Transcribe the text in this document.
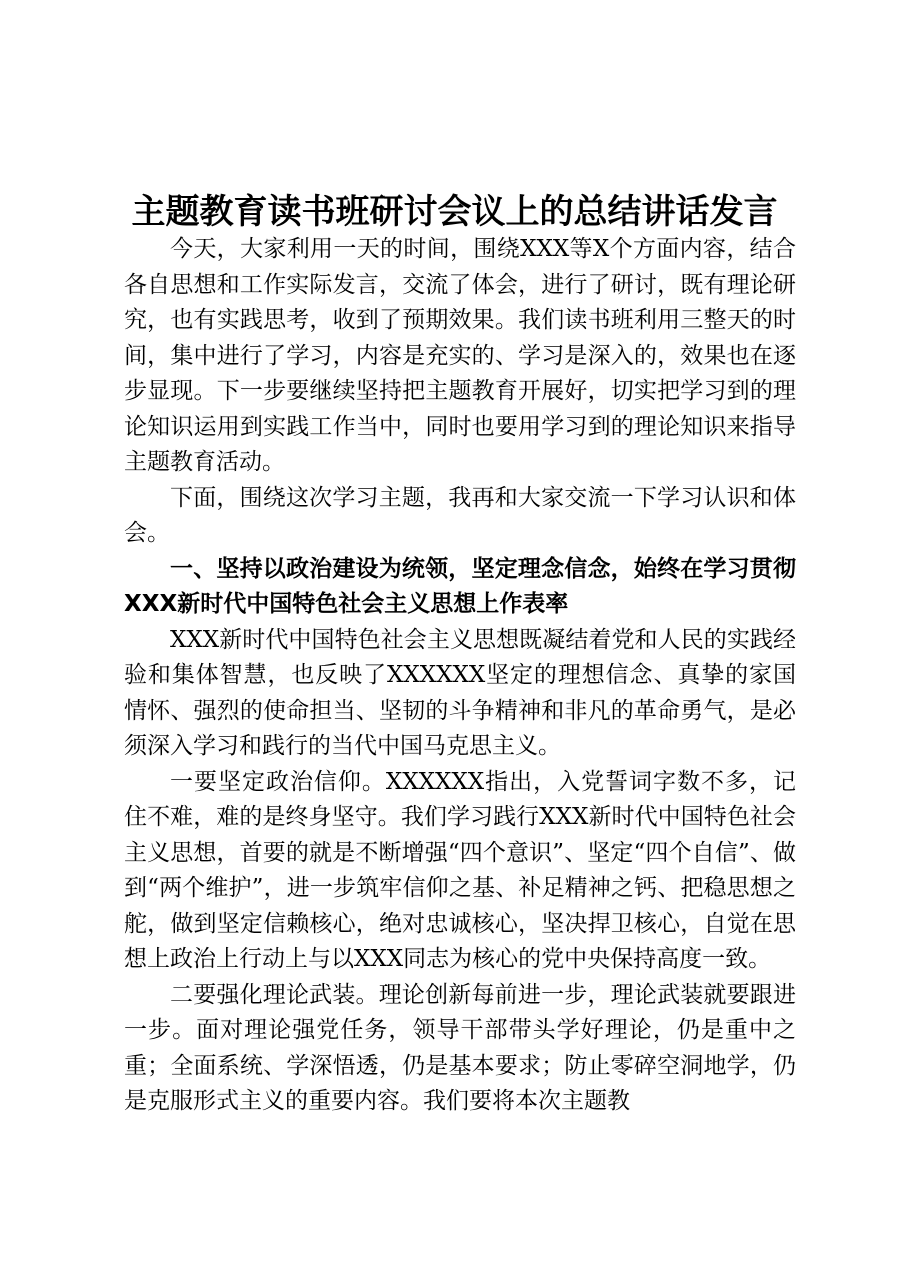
主题教育读书班研讨会议上的总结讲话发言

今天，大家利用一天的时间，围绕XXX等X个方面内容，结合各自思想和工作实际发言，交流了体会，进行了研讨，既有理论研究，也有实践思考，收到了预期效果。我们读书班利用三整天的时间，集中进行了学习，内容是充实的、学习是深入的，效果也在逐步显现。下一步要继续坚持把主题教育开展好，切实把学习到的理论知识运用到实践工作当中，同时也要用学习到的理论知识来指导主题教育活动。

下面，围绕这次学习主题，我再和大家交流一下学习认识和体会。

一、坚持以政治建设为统领，坚定理念信念，始终在学习贯彻XXX新时代中国特色社会主义思想上作表率

XXX新时代中国特色社会主义思想既凝结着党和人民的实践经验和集体智慧，也反映了XXXXXX坚定的理想信念、真挚的家国情怀、强烈的使命担当、坚韧的斗争精神和非凡的革命勇气，是必须深入学习和践行的当代中国马克思主义。

一要坚定政治信仰。XXXXXX指出，入党誓词字数不多，记住不难，难的是终身坚守。我们学习践行XXX新时代中国特色社会主义思想，首要的就是不断增强“四个意识”、坚定“四个自信”、做到“两个维护”，进一步筑牢信仰之基、补足精神之钙、把稳思想之舵，做到坚定信赖核心，绝对忠诚核心，坚决捍卫核心，自觉在思想上政治上行动上与以XXX同志为核心的党中央保持高度一致。

二要强化理论武装。理论创新每前进一步，理论武装就要跟进一步。面对理论强党任务，领导干部带头学好理论，仍是重中之重；全面系统、学深悟透，仍是基本要求；防止零碎空洞地学，仍是克服形式主义的重要内容。我们要将本次主题教
